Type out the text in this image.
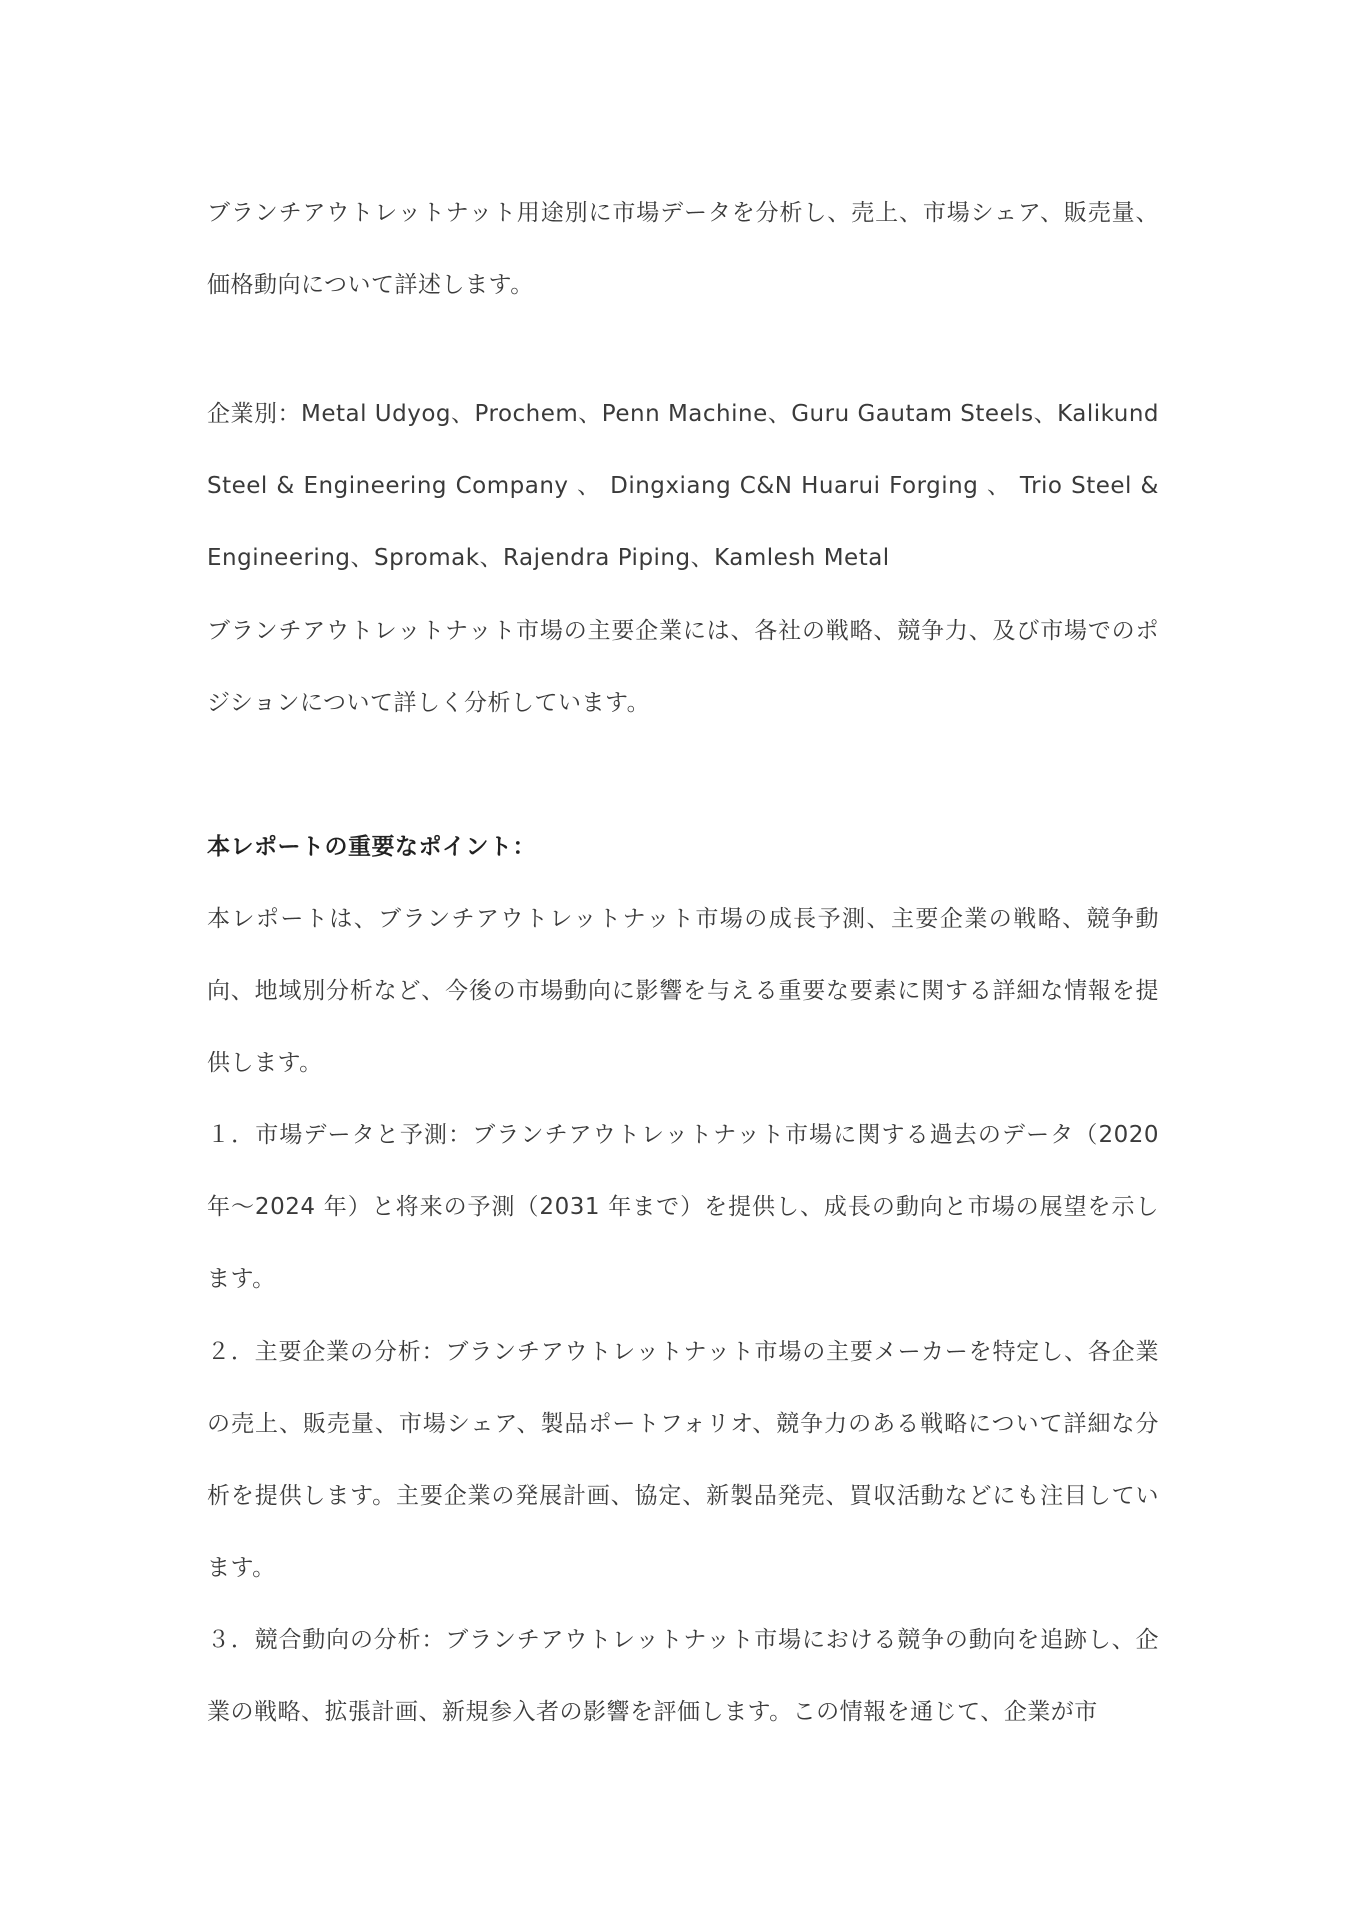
ブランチアウトレットナット用途別に市場データを分析し、売上、市場シェア、販売量、価格動向について詳述します。

企業別：Metal Udyog、Prochem、Penn Machine、Guru Gautam Steels、Kalikund Steel & Engineering Company 、 Dingxiang C&N Huarui Forging 、 Trio Steel & Engineering、Spromak、Rajendra Piping、Kamlesh Metal

ブランチアウトレットナット市場の主要企業には、各社の戦略、競争力、及び市場でのポジションについて詳しく分析しています。

本レポートの重要なポイント：

本レポートは、ブランチアウトレットナット市場の成長予測、主要企業の戦略、競争動向、地域別分析など、今後の市場動向に影響を与える重要な要素に関する詳細な情報を提供します。

１．市場データと予測：ブランチアウトレットナット市場に関する過去のデータ（2020年～2024 年）と将来の予測（2031 年まで）を提供し、成長の動向と市場の展望を示します。

２．主要企業の分析：ブランチアウトレットナット市場の主要メーカーを特定し、各企業の売上、販売量、市場シェア、製品ポートフォリオ、競争力のある戦略について詳細な分析を提供します。主要企業の発展計画、協定、新製品発売、買収活動などにも注目しています。

３．競合動向の分析：ブランチアウトレットナット市場における競争の動向を追跡し、企業の戦略、拡張計画、新規参入者の影響を評価します。この情報を通じて、企業が市
